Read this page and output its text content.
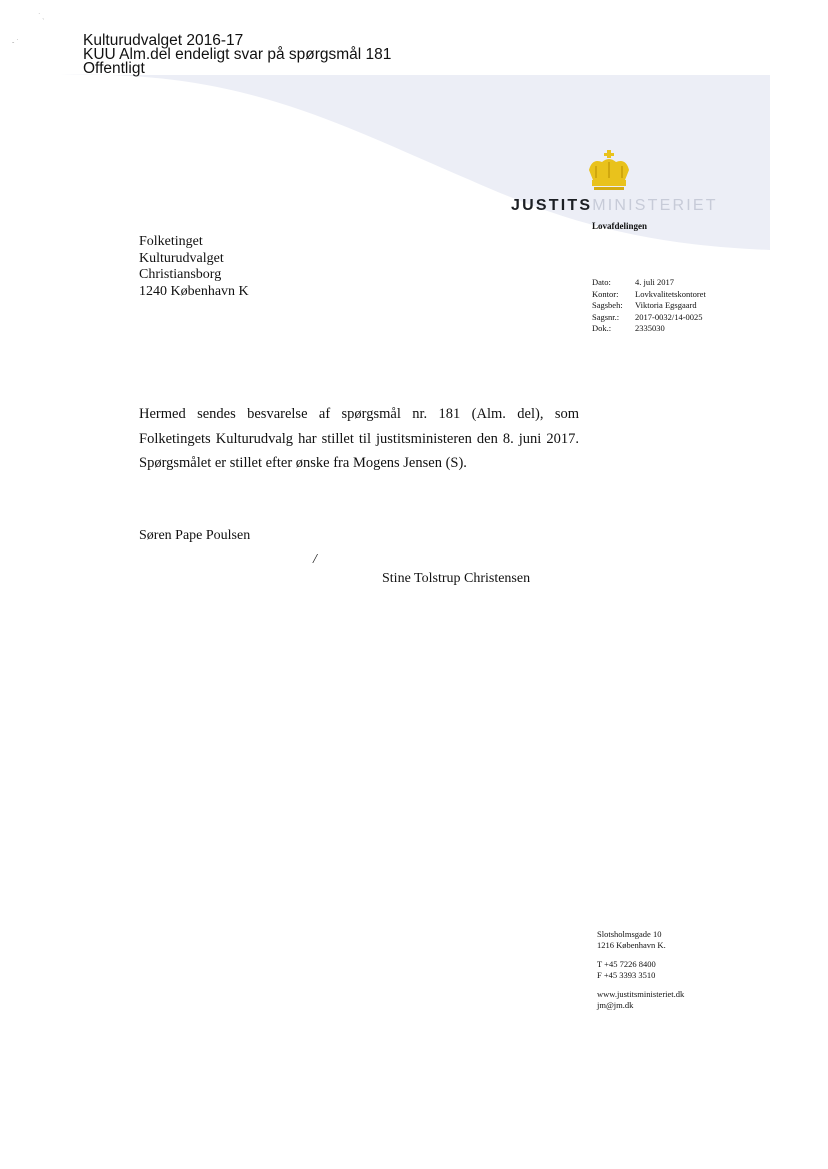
˙ ˎ
- ˙
JUSTITSMINISTERIET
Lovafdelingen
Kulturudvalget 2016-17
KUU Alm.del endeligt svar på spørgsmål 181
Offentligt
Folketinget
Kulturudvalget
Christiansborg
1240 København K
Dato:	4. juli 2017
Kontor:	Lovkvalitetskontoret
Sagsbeh:	Viktoria Egsgaard
Sagsnr.:	2017-0032/14-0025
Dok.:	2335030
Hermed sendes besvarelse af spørgsmål nr. 181 (Alm. del), som Folketingets Kulturudvalg har stillet til justitsministeren den 8. juni 2017. Spørgsmålet er stillet efter ønske fra Mogens Jensen (S).
Søren Pape Poulsen
/
Stine Tolstrup Christensen
Slotsholmsgade 10
1216 København K.
T +45 7226 8400
F +45 3393 3510
www.justitsministeriet.dk
jm@jm.dk
